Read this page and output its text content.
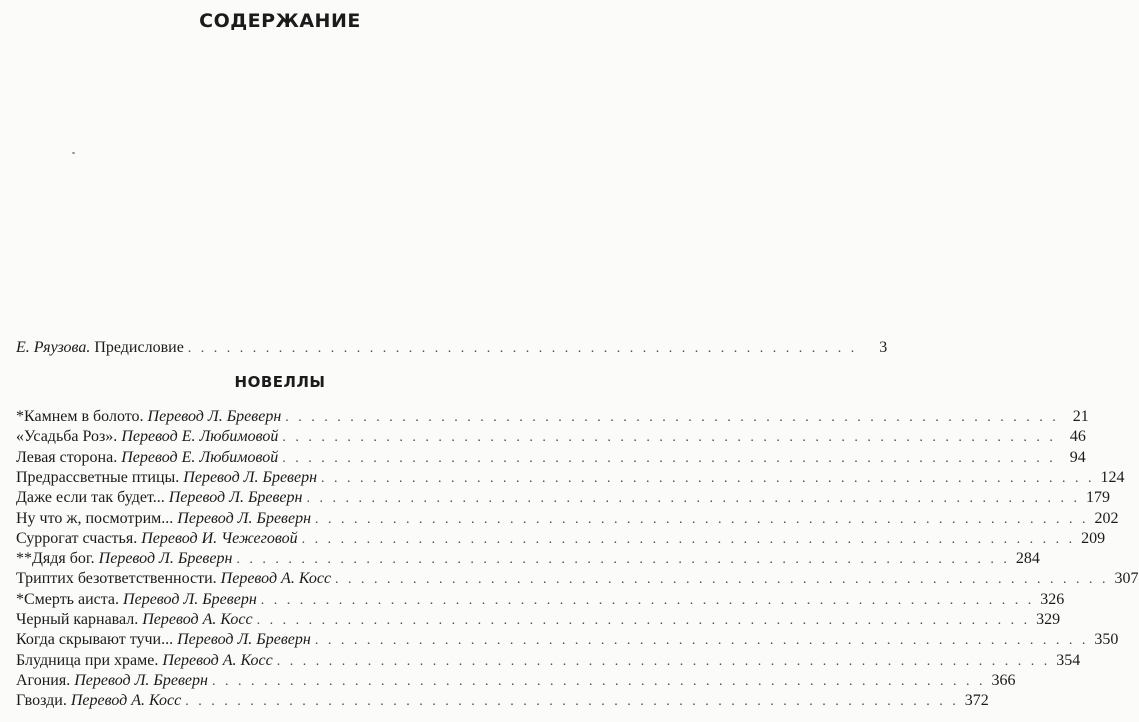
СОДЕРЖАНИЕ
Е. Ряузова. Предисловие . . . . . . . . . . . . . . . . . . . . . . . . . . . . . . . . . . . . . . . . . . . . . . . . . . . .	3
НОВЕЛЛЫ
*Камнем в болото. Перевод Л. Бреверн . . . . . . . . . . . . . . . . . . . . . . . . . . . . . . . . . . . . . . . . . . . . . . . . . . . . . . . . . . . . 21
«Усадьба Роз». Перевод Е. Любимовой . . . . . . . . . . . . . . . . . . . . . . . . . . . . . . . . . . . . . . . . . . . . . . . . . . . . . . . . . . . . 46
Левая сторона. Перевод Е. Любимовой . . . . . . . . . . . . . . . . . . . . . . . . . . . . . . . . . . . . . . . . . . . . . . . . . . . . . . . . . . . . 94
Предрассветные птицы. Перевод Л. Бреверн . . . . . . . . . . . . . . . . . . . . . . . . . . . . . . . . . . . . . . . . . . . . . . . . . . . . . . . . . . . . 124
Даже если так будет... Перевод Л. Бреверн . . . . . . . . . . . . . . . . . . . . . . . . . . . . . . . . . . . . . . . . . . . . . . . . . . . . . . . . . . . . 179
Ну что ж, посмотрим... Перевод Л. Бреверн . . . . . . . . . . . . . . . . . . . . . . . . . . . . . . . . . . . . . . . . . . . . . . . . . . . . . . . . . . . . 202
Суррогат счастья. Перевод И. Чежеговой . . . . . . . . . . . . . . . . . . . . . . . . . . . . . . . . . . . . . . . . . . . . . . . . . . . . . . . . . . . . 209
**Дядя бог. Перевод Л. Бреверн . . . . . . . . . . . . . . . . . . . . . . . . . . . . . . . . . . . . . . . . . . . . . . . . . . . . . . . . . . . . 284
Триптих безответственности. Перевод А. Косс . . . . . . . . . . . . . . . . . . . . . . . . . . . . . . . . . . . . . . . . . . . . . . . . . . . . . . . . . . . . 307
*Смерть аиста. Перевод Л. Бреверн . . . . . . . . . . . . . . . . . . . . . . . . . . . . . . . . . . . . . . . . . . . . . . . . . . . . . . . . . . . . 326
Черный карнавал. Перевод А. Косс . . . . . . . . . . . . . . . . . . . . . . . . . . . . . . . . . . . . . . . . . . . . . . . . . . . . . . . . . . . . 329
Когда скрывают тучи... Перевод Л. Бреверн . . . . . . . . . . . . . . . . . . . . . . . . . . . . . . . . . . . . . . . . . . . . . . . . . . . . . . . . . . . . 350
Блудница при храме. Перевод А. Косс . . . . . . . . . . . . . . . . . . . . . . . . . . . . . . . . . . . . . . . . . . . . . . . . . . . . . . . . . . . . 354
Агония. Перевод Л. Бреверн . . . . . . . . . . . . . . . . . . . . . . . . . . . . . . . . . . . . . . . . . . . . . . . . . . . . . . . . . . . . 366
Гвозди. Перевод А. Косс . . . . . . . . . . . . . . . . . . . . . . . . . . . . . . . . . . . . . . . . . . . . . . . . . . . . . . . . . . . . 372
